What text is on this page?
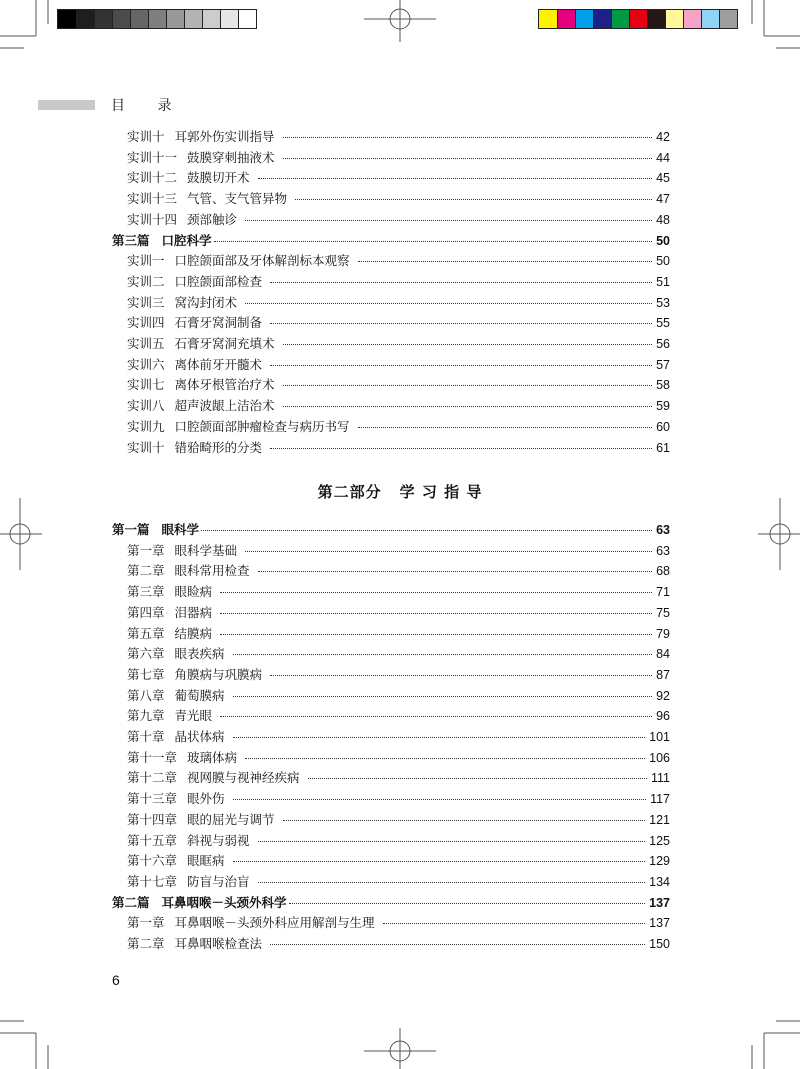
目 录
实训十 耳郭外伤实训指导	42
实训十一 鼓膜穿刺抽液术	44
实训十二 鼓膜切开术	45
实训十三 气管、支气管异物	47
实训十四 颈部触诊	48
第三篇 口腔科学	50
实训一 口腔颌面部及牙体解剖标本观察	50
实训二 口腔颌面部检查	51
实训三 窝沟封闭术	53
实训四 石膏牙窝洞制备	55
实训五 石膏牙窝洞充填术	56
实训六 离体前牙开髓术	57
实训七 离体牙根管治疗术	58
实训八 超声波龈上洁治术	59
实训九 口腔颌面部肿瘤检查与病历书写	60
实训十 错𬌗畸形的分类	61
第一篇 眼科学	63
第一章 眼科学基础	63
第二章 眼科常用检查	68
第三章 眼睑病	71
第四章 泪器病	75
第五章 结膜病	79
第六章 眼表疾病	84
第七章 角膜病与巩膜病	87
第八章 葡萄膜病	92
第九章 青光眼	96
第十章 晶状体病	101
第十一章 玻璃体病	106
第十二章 视网膜与视神经疾病	111
第十三章 眼外伤	117
第十四章 眼的屈光与调节	121
第十五章 斜视与弱视	125
第十六章 眼眶病	129
第十七章 防盲与治盲	134
第二篇 耳鼻咽喉－头颈外科学	137
第一章 耳鼻咽喉－头颈外科应用解剖与生理	137
第二章 耳鼻咽喉检查法	150
第二部分 学 习 指 导
6
